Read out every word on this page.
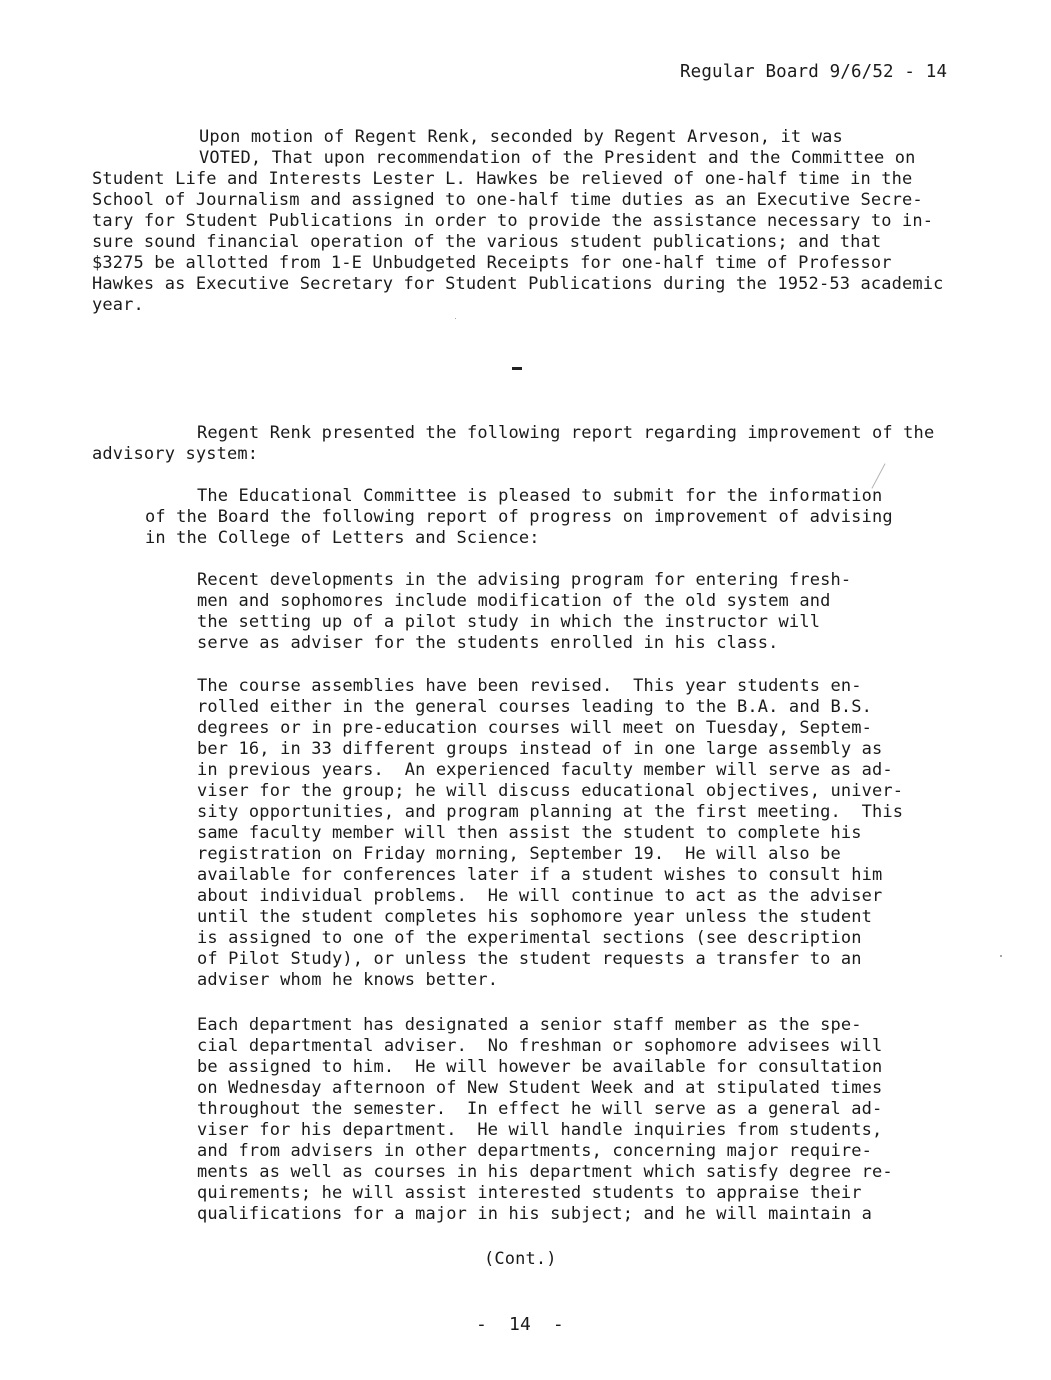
Regular Board 9/6/52 - 14
Upon motion of Regent Renk, seconded by Regent Arveson, it was
VOTED, That upon recommendation of the President and the Committee on
Student Life and Interests Lester L. Hawkes be relieved of one-half time in the
School of Journalism and assigned to one-half time duties as an Executive Secre-
tary for Student Publications in order to provide the assistance necessary to in-
sure sound financial operation of the various student publications; and that
$3275 be allotted from 1-E Unbudgeted Receipts for one-half time of Professor
Hawkes as Executive Secretary for Student Publications during the 1952-53 academic
year.
Regent Renk presented the following report regarding improvement of the
advisory system:
The Educational Committee is pleased to submit for the information
of the Board the following report of progress on improvement of advising
in the College of Letters and Science:
Recent developments in the advising program for entering fresh-
men and sophomores include modification of the old system and
the setting up of a pilot study in which the instructor will
serve as adviser for the students enrolled in his class.
The course assemblies have been revised.  This year students en-
rolled either in the general courses leading to the B.A. and B.S.
degrees or in pre-education courses will meet on Tuesday, Septem-
ber 16, in 33 different groups instead of in one large assembly as
in previous years.  An experienced faculty member will serve as ad-
viser for the group; he will discuss educational objectives, univer-
sity opportunities, and program planning at the first meeting.  This
same faculty member will then assist the student to complete his
registration on Friday morning, September 19.  He will also be
available for conferences later if a student wishes to consult him
about individual problems.  He will continue to act as the adviser
until the student completes his sophomore year unless the student
is assigned to one of the experimental sections (see description
of Pilot Study), or unless the student requests a transfer to an
adviser whom he knows better.
Each department has designated a senior staff member as the spe-
cial departmental adviser.  No freshman or sophomore advisees will
be assigned to him.  He will however be available for consultation
on Wednesday afternoon of New Student Week and at stipulated times
throughout the semester.  In effect he will serve as a general ad-
viser for his department.  He will handle inquiries from students,
and from advisers in other departments, concerning major require-
ments as well as courses in his department which satisfy degree re-
quirements; he will assist interested students to appraise their
qualifications for a major in his subject; and he will maintain a
(Cont.)
-  14  -
